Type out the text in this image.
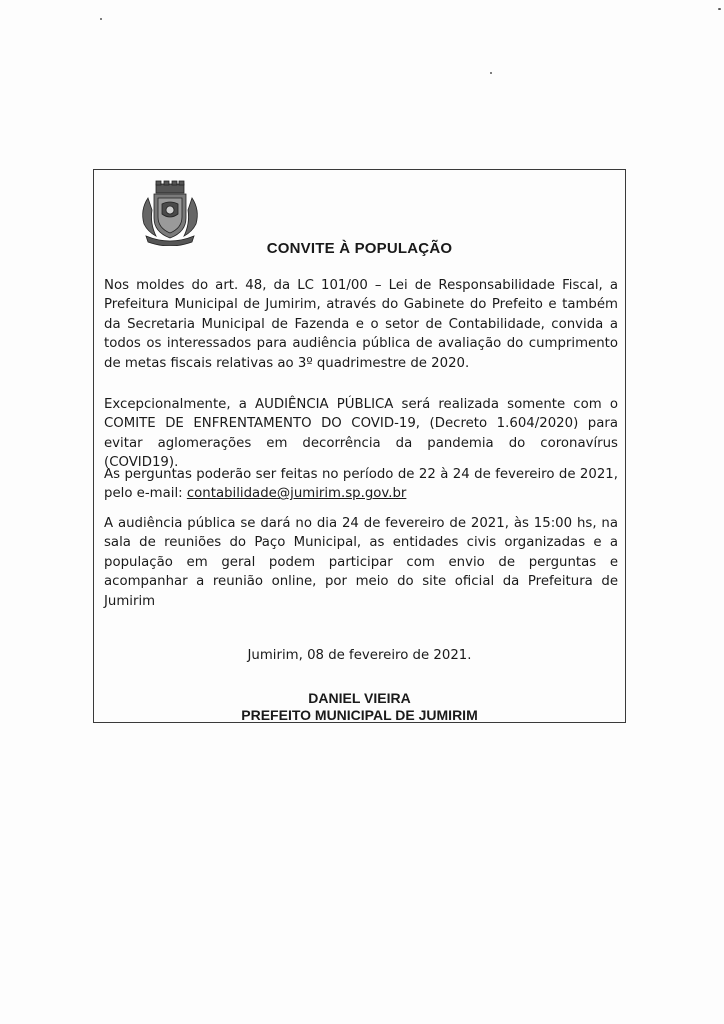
CONVITE À POPULAÇÃO

Nos moldes do art. 48, da LC 101/00 – Lei de Responsabilidade Fiscal, a Prefeitura Municipal de Jumirim, através do Gabinete do Prefeito e também da Secretaria Municipal de Fazenda e o setor de Contabilidade, convida a todos os interessados para audiência pública de avaliação do cumprimento de metas fiscais relativas ao 3º quadrimestre de 2020.

Excepcionalmente, a AUDIÊNCIA PÚBLICA será realizada somente com o COMITE DE ENFRENTAMENTO DO COVID-19, (Decreto 1.604/2020) para evitar aglomerações em decorrência da pandemia do coronavírus (COVID19).

As perguntas poderão ser feitas no período de 22 à 24 de fevereiro de 2021, pelo e-mail: contabilidade@jumirim.sp.gov.br

A audiência pública se dará no dia 24 de fevereiro de 2021, às 15:00 hs, na sala de reuniões do Paço Municipal, as entidades civis organizadas e a população em geral podem participar com envio de perguntas e acompanhar a reunião online, por meio do site oficial da Prefeitura de Jumirim

Jumirim, 08 de fevereiro de 2021.
DANIEL VIEIRA
PREFEITO MUNICIPAL DE JUMIRIM
